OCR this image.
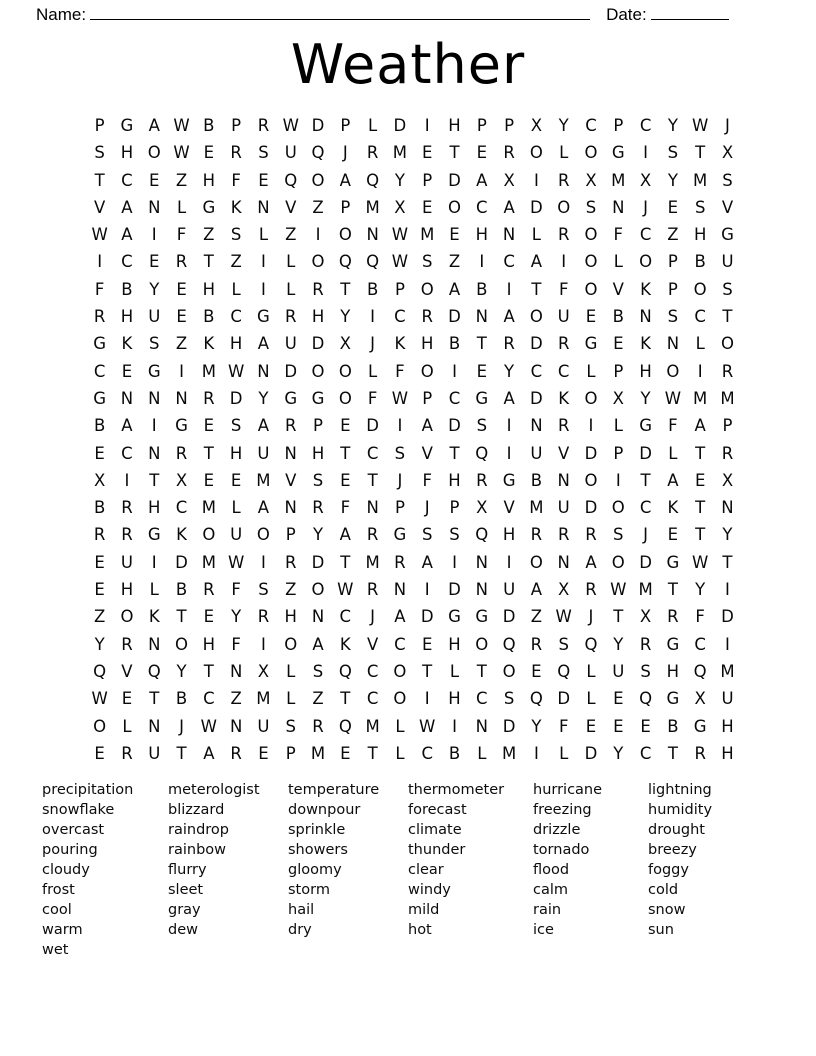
Name:	Date:
Weather
P G A W B	P	R W D P	L D	I	H P	P	X	Y C	P	C Y W	J
S H O W E R S U Q	J	R M E	T	E R O L O G	I	S	T	X
T C E Z H F	E Q O A Q Y	P D A X	I	R X M X	Y M S
V A N	L G K N V Z	P M X E O C A D O S N	J	E	S V
W A	I	F	Z S	L	Z	I	O N W M E H N	L	R O F	C Z H G
I	C E R	T	Z	I	L O Q Q W S Z	I	C A	I	O L O P	B U
F	B	Y	E H L	I	L	R	T	B	P O A B	I	T	F O V K	P O S
R H U E B C G R H Y	I	C R D N A O U E B N S C T
G K	S Z K H A U D X	J	K H B	T	R D R G E	K N	L O
C E G	I	M W N D O O L	F O	I	E	Y C C	L	P H O	I	R
G N N N R D Y G G O F W P	C G A D K O X	Y W M M
B A	I	G E	S A R	P	E D	I	A D S	I	N R	I	L G F	A	P
E C N R	T H U N H T C S V	T Q	I	U V D P D L	T	R
X	I	T	X E	E M V S	E	T	J	F H R G B N O	I	T	A E X
B R H C M L	A N R	F N P	J	P	X V M U D O C K	T N
R R G K O U O P	Y	A R G S	S Q H R R R S	J	E	T	Y
E U	I	D M W	I	R D T M R A	I	N	I	O N A O D G W T
E H L	B R	F	S Z O W R N	I	D N U A X R W M T	Y	I
Z O K	T	E	Y	R H N C	J	A D G G D Z W	J	T	X R	F D
Y	R N O H F	I	O A K V C E H O Q R S Q Y	R G C	I
Q V Q Y	T N X	L	S Q C O T	L	T O E Q L	U S H Q M
W E	T	B C Z M L	Z	T C O	I	H C S Q D L	E Q G X U
O L	N	J	W N U S R Q M L W	I	N D Y	F	E	E	E B G H
E R U T	A R E	P M E	T	L	C B	L M	I	L D Y C T	R H
precipitation
snowflake
overcast
pouring
cloudy
frost
cool
warm
wet
meterologist
blizzard
raindrop
rainbow
flurry
sleet
gray
dew
temperature
downpour
sprinkle
showers
gloomy
storm
hail
dry
thermometer
forecast
climate
thunder
clear
windy
mild
hot
hurricane
freezing
drizzle
tornado
flood
calm
rain
ice
lightning
humidity
drought
breezy
foggy
cold
snow
sun
